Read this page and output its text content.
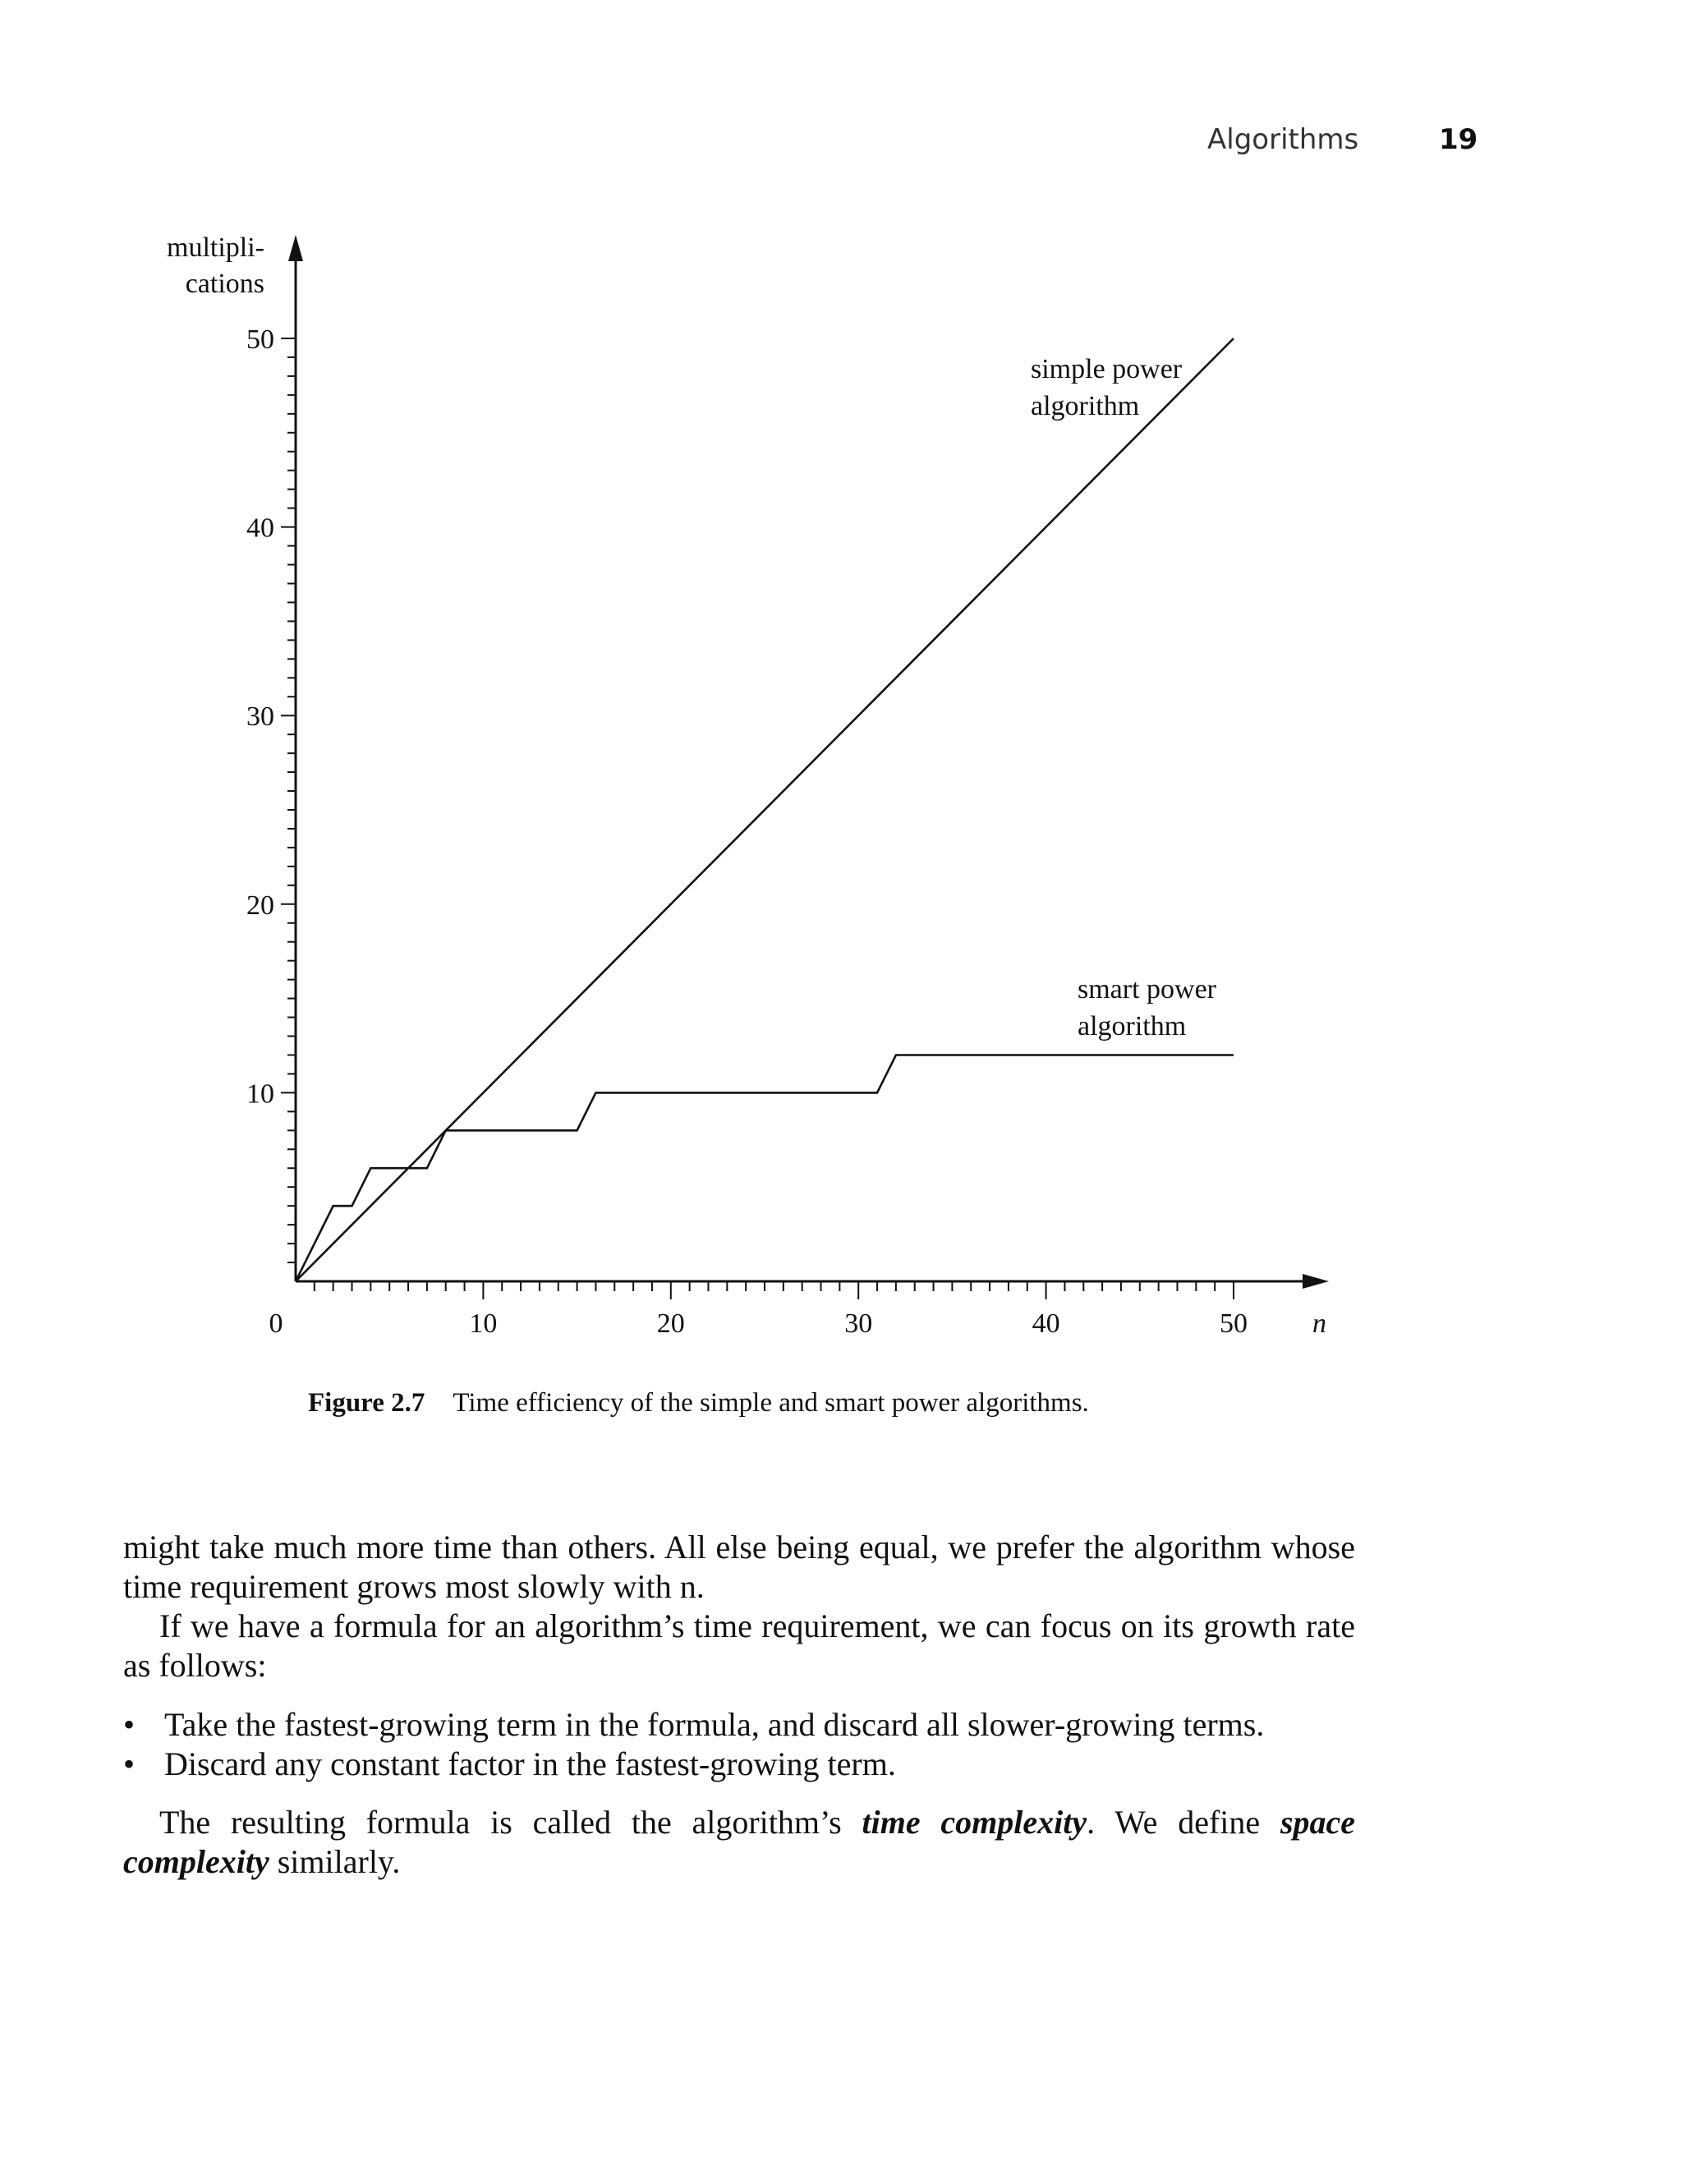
Algorithms	19
multipli-
cations
10
20
30
40
50
0	10	20	30	40	50 n
simple power
algorithm
smart power
algorithm
Figure 2.7 Time efficiency of the simple and smart power algorithms.
might take much more time than others. All else being equal, we prefer the algorithm whose time requirement grows most slowly with n.
If we have a formula for an algorithm’s time requirement, we can focus on its growth rate as follows:
• Take the fastest-growing term in the formula, and discard all slower-growing terms.
• Discard any constant factor in the fastest-growing term.
The resulting formula is called the algorithm’s time complexity. We define space complexity similarly.
